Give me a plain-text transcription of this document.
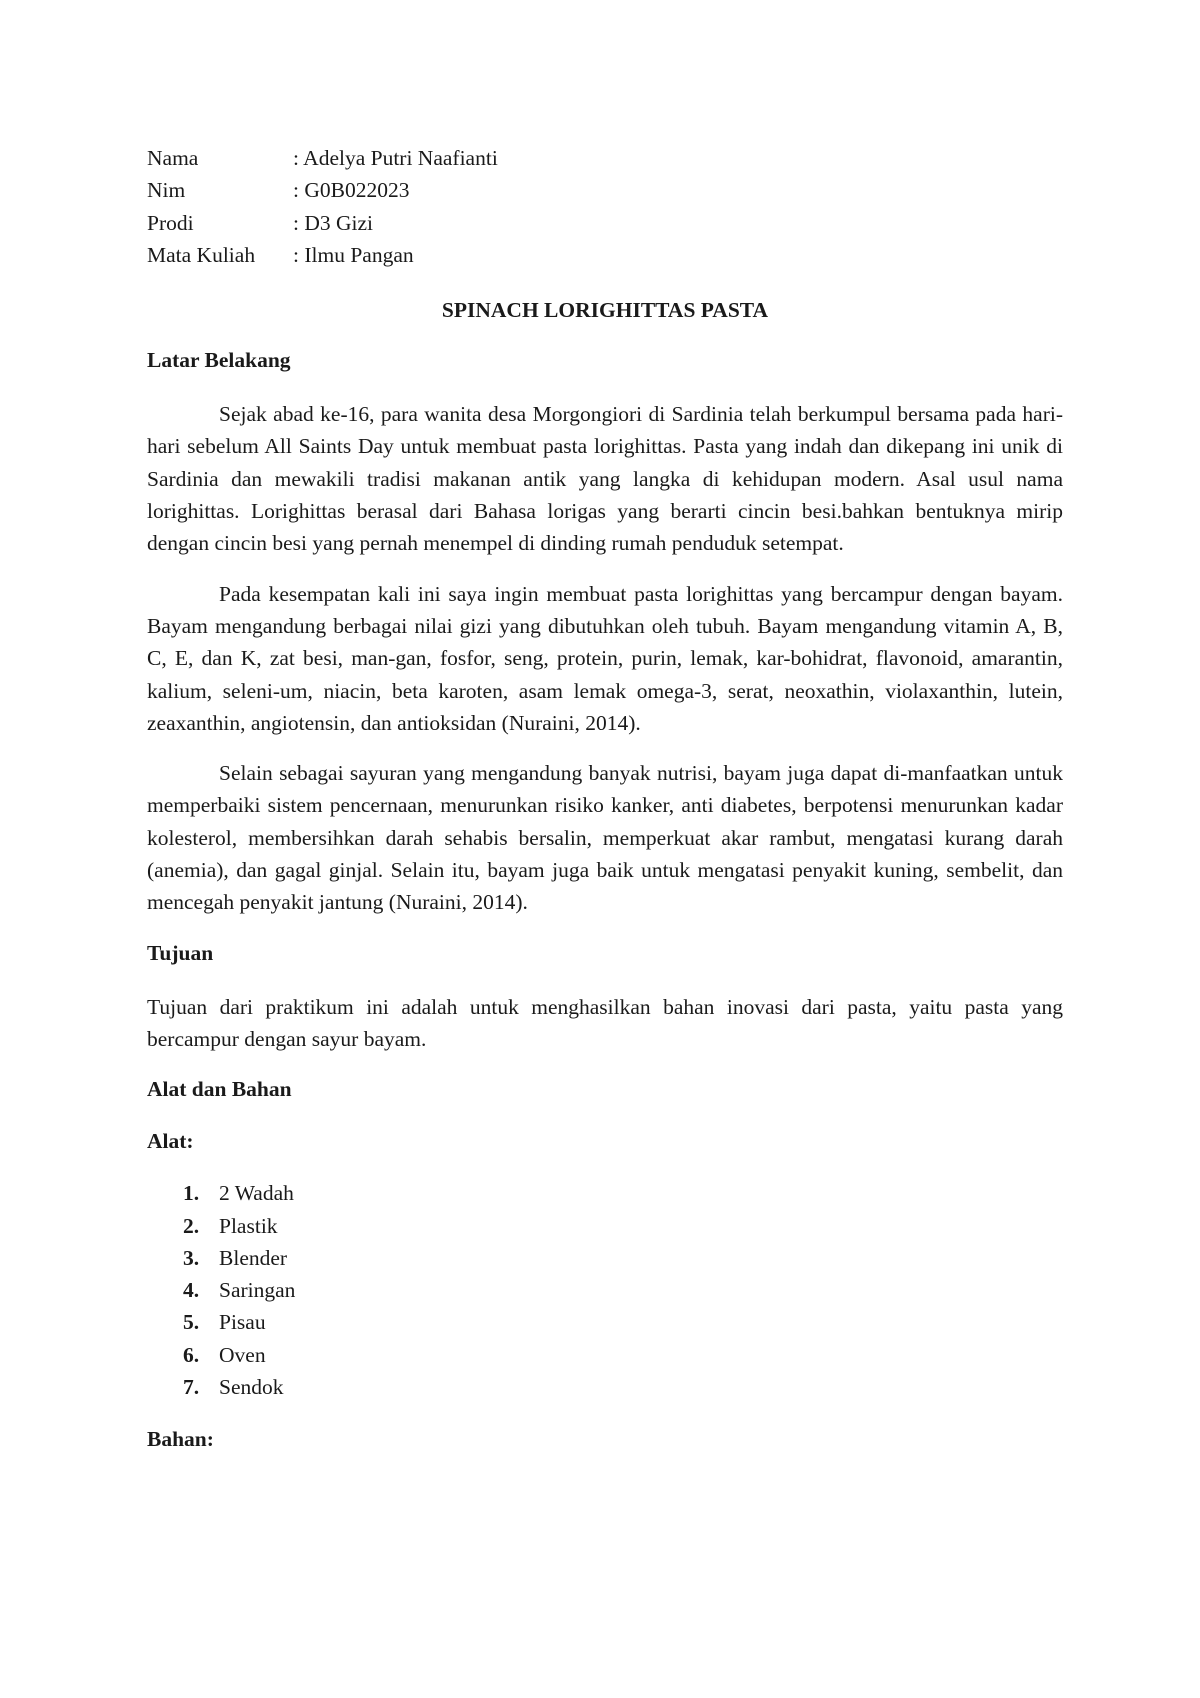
Nama	: Adelya Putri Naafianti
Nim	: G0B022023
Prodi	: D3 Gizi
Mata Kuliah	: Ilmu Pangan
SPINACH LORIGHITTAS PASTA
Latar Belakang

Sejak abad ke-16, para wanita desa Morgongiori di Sardinia telah berkumpul bersama pada hari-hari sebelum All Saints Day untuk membuat pasta lorighittas. Pasta yang indah dan dikepang ini unik di Sardinia dan mewakili tradisi makanan antik yang langka di kehidupan modern. Asal usul nama lorighittas. Lorighittas berasal dari Bahasa lorigas yang berarti cincin besi.bahkan bentuknya mirip dengan cincin besi yang pernah menempel di dinding rumah penduduk setempat.

Pada kesempatan kali ini saya ingin membuat pasta lorighittas yang bercampur dengan bayam. Bayam mengandung berbagai nilai gizi yang dibutuhkan oleh tubuh. Bayam mengandung vitamin A, B, C, E, dan K, zat besi, man-gan, fosfor, seng, protein, purin, lemak, kar-bohidrat, flavonoid, amarantin, kalium, seleni-um, niacin, beta karoten, asam lemak omega-3, serat, neoxathin, violaxanthin, lutein, zeaxanthin, angiotensin, dan antioksidan (Nuraini, 2014).

Selain sebagai sayuran yang mengandung banyak nutrisi, bayam juga dapat di-manfaatkan untuk memperbaiki sistem pencernaan, menurunkan risiko kanker, anti diabetes, berpotensi menurunkan kadar kolesterol, membersihkan darah sehabis bersalin, memperkuat akar rambut, mengatasi kurang darah (anemia), dan gagal ginjal. Selain itu, bayam juga baik untuk mengatasi penyakit kuning, sembelit, dan mencegah penyakit jantung (Nuraini, 2014).

Tujuan

Tujuan dari praktikum ini adalah untuk menghasilkan bahan inovasi dari pasta, yaitu pasta yang bercampur dengan sayur bayam.

Alat dan Bahan
Alat:
1. 2 Wadah
2. Plastik
3. Blender
4. Saringan
5. Pisau
6. Oven
7. Sendok
Bahan:
